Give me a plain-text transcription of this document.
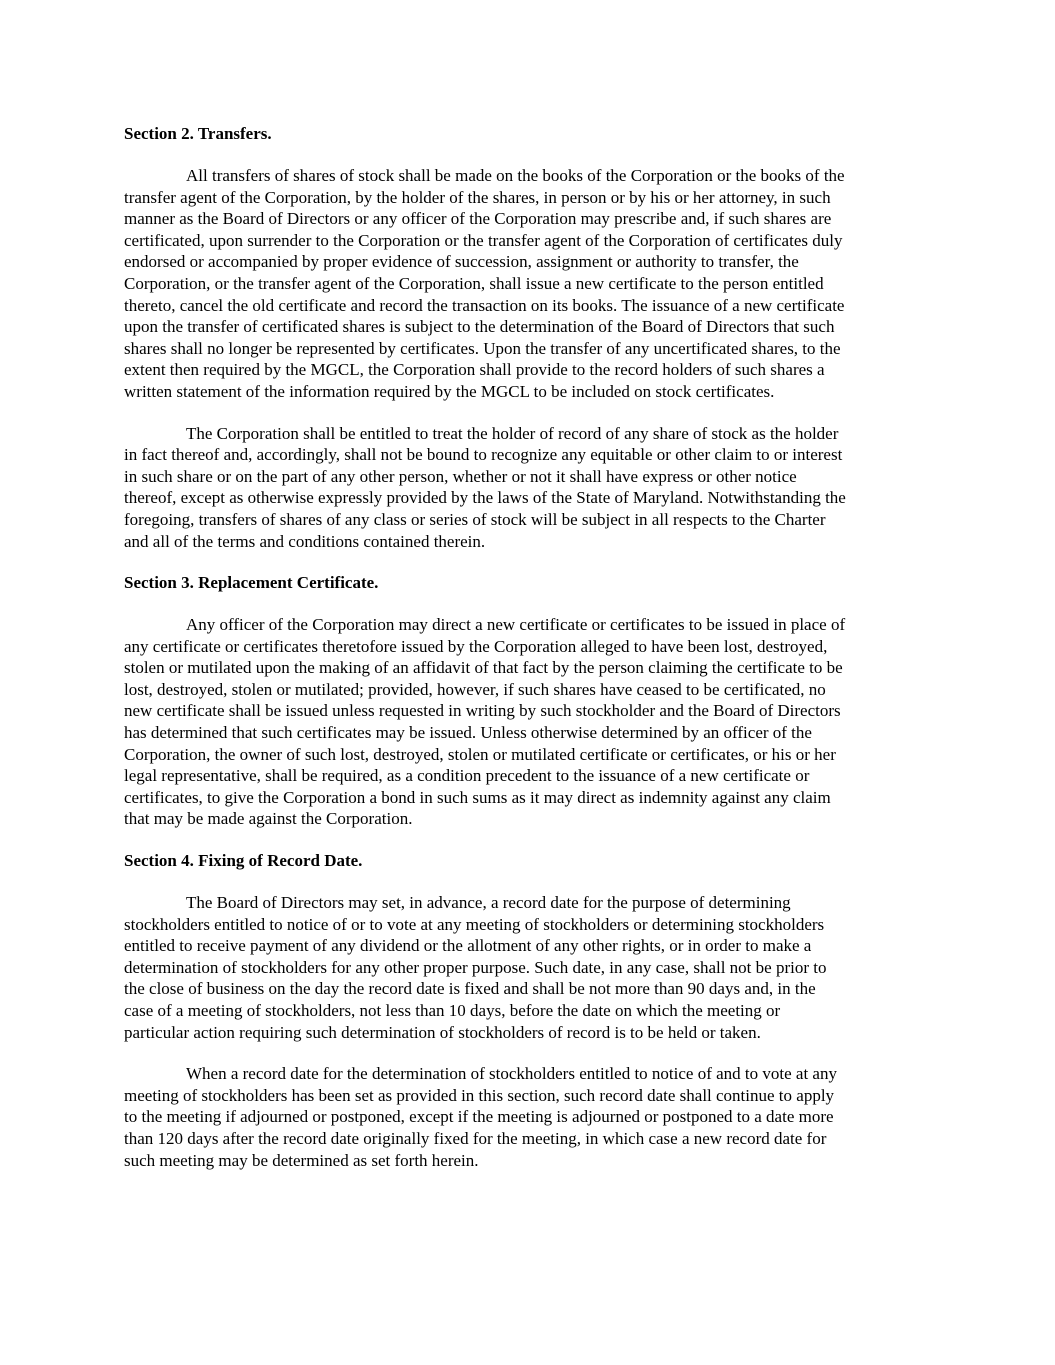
Section 2. Transfers.
All transfers of shares of stock shall be made on the books of the Corporation or the books of the
transfer agent of the Corporation, by the holder of the shares, in person or by his or her attorney, in such
manner as the Board of Directors or any officer of the Corporation may prescribe and, if such shares are
certificated, upon surrender to the Corporation or the transfer agent of the Corporation of certificates duly
endorsed or accompanied by proper evidence of succession, assignment or authority to transfer, the
Corporation, or the transfer agent of the Corporation, shall issue a new certificate to the person entitled
thereto, cancel the old certificate and record the transaction on its books. The issuance of a new certificate
upon the transfer of certificated shares is subject to the determination of the Board of Directors that such
shares shall no longer be represented by certificates. Upon the transfer of any uncertificated shares, to the
extent then required by the MGCL, the Corporation shall provide to the record holders of such shares a
written statement of the information required by the MGCL to be included on stock certificates.
The Corporation shall be entitled to treat the holder of record of any share of stock as the holder
in fact thereof and, accordingly, shall not be bound to recognize any equitable or other claim to or interest
in such share or on the part of any other person, whether or not it shall have express or other notice
thereof, except as otherwise expressly provided by the laws of the State of Maryland. Notwithstanding the
foregoing, transfers of shares of any class or series of stock will be subject in all respects to the Charter
and all of the terms and conditions contained therein.
Section 3. Replacement Certificate.
Any officer of the Corporation may direct a new certificate or certificates to be issued in place of
any certificate or certificates theretofore issued by the Corporation alleged to have been lost, destroyed,
stolen or mutilated upon the making of an affidavit of that fact by the person claiming the certificate to be
lost, destroyed, stolen or mutilated; provided, however, if such shares have ceased to be certificated, no
new certificate shall be issued unless requested in writing by such stockholder and the Board of Directors
has determined that such certificates may be issued. Unless otherwise determined by an officer of the
Corporation, the owner of such lost, destroyed, stolen or mutilated certificate or certificates, or his or her
legal representative, shall be required, as a condition precedent to the issuance of a new certificate or
certificates, to give the Corporation a bond in such sums as it may direct as indemnity against any claim
that may be made against the Corporation.
Section 4. Fixing of Record Date.
The Board of Directors may set, in advance, a record date for the purpose of determining
stockholders entitled to notice of or to vote at any meeting of stockholders or determining stockholders
entitled to receive payment of any dividend or the allotment of any other rights, or in order to make a
determination of stockholders for any other proper purpose. Such date, in any case, shall not be prior to
the close of business on the day the record date is fixed and shall be not more than 90 days and, in the
case of a meeting of stockholders, not less than 10 days, before the date on which the meeting or
particular action requiring such determination of stockholders of record is to be held or taken.
When a record date for the determination of stockholders entitled to notice of and to vote at any
meeting of stockholders has been set as provided in this section, such record date shall continue to apply
to the meeting if adjourned or postponed, except if the meeting is adjourned or postponed to a date more
than 120 days after the record date originally fixed for the meeting, in which case a new record date for
such meeting may be determined as set forth herein.
